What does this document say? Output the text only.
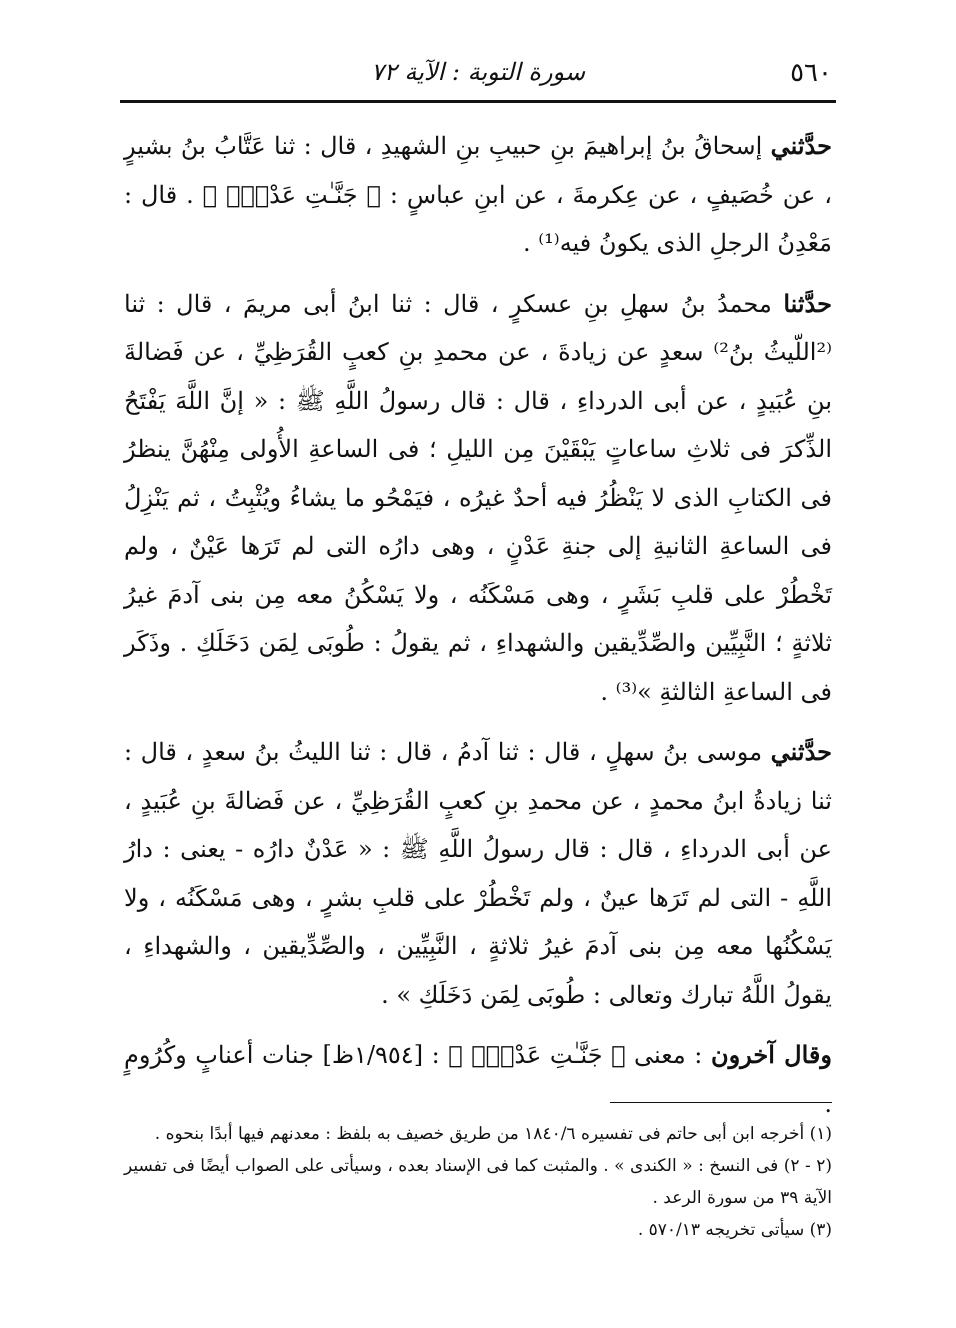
٥٦٠
سورة التوبة : الآية ٧٢

حدَّثني إسحاقُ بنُ إبراهيمَ بنِ حبيبِ بنِ الشهيدِ ، قال : ثنا عَتَّابُ بنُ بشيرٍ ، عن خُصَيفٍ ، عن عِكرمةَ ، عن ابنِ عباسٍ : ﴿ جَنَّـٰتِ عَدْنٍۚ ﴾ . قال : مَعْدِنُ الرجلِ الذى يكونُ فيه⁽¹⁾ .

حدَّثنا محمدُ بنُ سهلِ بنِ عسكرٍ ، قال : ثنا ابنُ أبى مريمَ ، قال : ثنا ⁽²اللّيثُ بنُ²⁾ سعدٍ عن زيادةَ ، عن محمدِ بنِ كعبٍ القُرَظِيِّ ، عن فَضالةَ بنِ عُبَيدٍ ، عن أبى الدرداءِ ، قال : قال رسولُ اللَّهِ ﷺ : « إنَّ اللَّهَ يَفْتَحُ الذِّكرَ فى ثلاثِ ساعاتٍ يَبْقَيْنَ مِن الليلِ ؛ فى الساعةِ الأُولى مِنْهُنَّ ينظرُ فى الكتابِ الذى لا يَنْظُرُ فيه أحدٌ غيرُه ، فيَمْحُو ما يشاءُ ويُثْبِتُ ، ثم يَنْزِلُ فى الساعةِ الثانيةِ إلى جنةِ عَدْنٍ ، وهى دارُه التى لم تَرَها عَيْنٌ ، ولم تَخْطُرْ على قلبِ بَشَرٍ ، وهى مَسْكَنُه ، ولا يَسْكُنُ معه مِن بنى آدمَ غيرُ ثلاثةٍ ؛ النَّبِيِّين والصِّدِّيقين والشهداءِ ، ثم يقولُ : طُوبَى لِمَن دَخَلَكِ . وذَكَر فى الساعةِ الثالثةِ »⁽³⁾ .

حدَّثني موسى بنُ سهلٍ ، قال : ثنا آدمُ ، قال : ثنا الليثُ بنُ سعدٍ ، قال : ثنا زيادةُ ابنُ محمدٍ ، عن محمدِ بنِ كعبٍ القُرَظِيِّ ، عن فَضالةَ بنِ عُبَيدٍ ، عن أبى الدرداءِ ، قال : قال رسولُ اللَّهِ ﷺ : « عَدْنٌ دارُه - يعنى : دارُ اللَّهِ - التى لم تَرَها عينٌ ، ولم تَخْطُرْ على قلبِ بشرٍ ، وهى مَسْكَنُه ، ولا يَسْكُنُها معه مِن بنى آدمَ غيرُ ثلاثةٍ ، النَّبِيِّين ، والصِّدِّيقين ، والشهداءِ ، يقولُ اللَّهُ تبارك وتعالى : طُوبَى لِمَن دَخَلَكِ » .

وقال آخرون : معنى ﴿ جَنَّـٰتِ عَدْنٍۚ ﴾ : [١/٩٥٤ظ] جنات أعنابٍ وكُرُومٍ .

(١) أخرجه ابن أبى حاتم فى تفسيره ١٨٤٠/٦ من طريق خصيف به بلفظ : معدنهم فيها أبدًا بنحوه .

(٢ - ٢) فى النسخ : « الكندى » . والمثبت كما فى الإسناد بعده ، وسيأتى على الصواب أيضًا فى تفسير الآية ٣٩ من سورة الرعد .

(٣) سيأتى تخريجه ٥٧٠/١٣ .
